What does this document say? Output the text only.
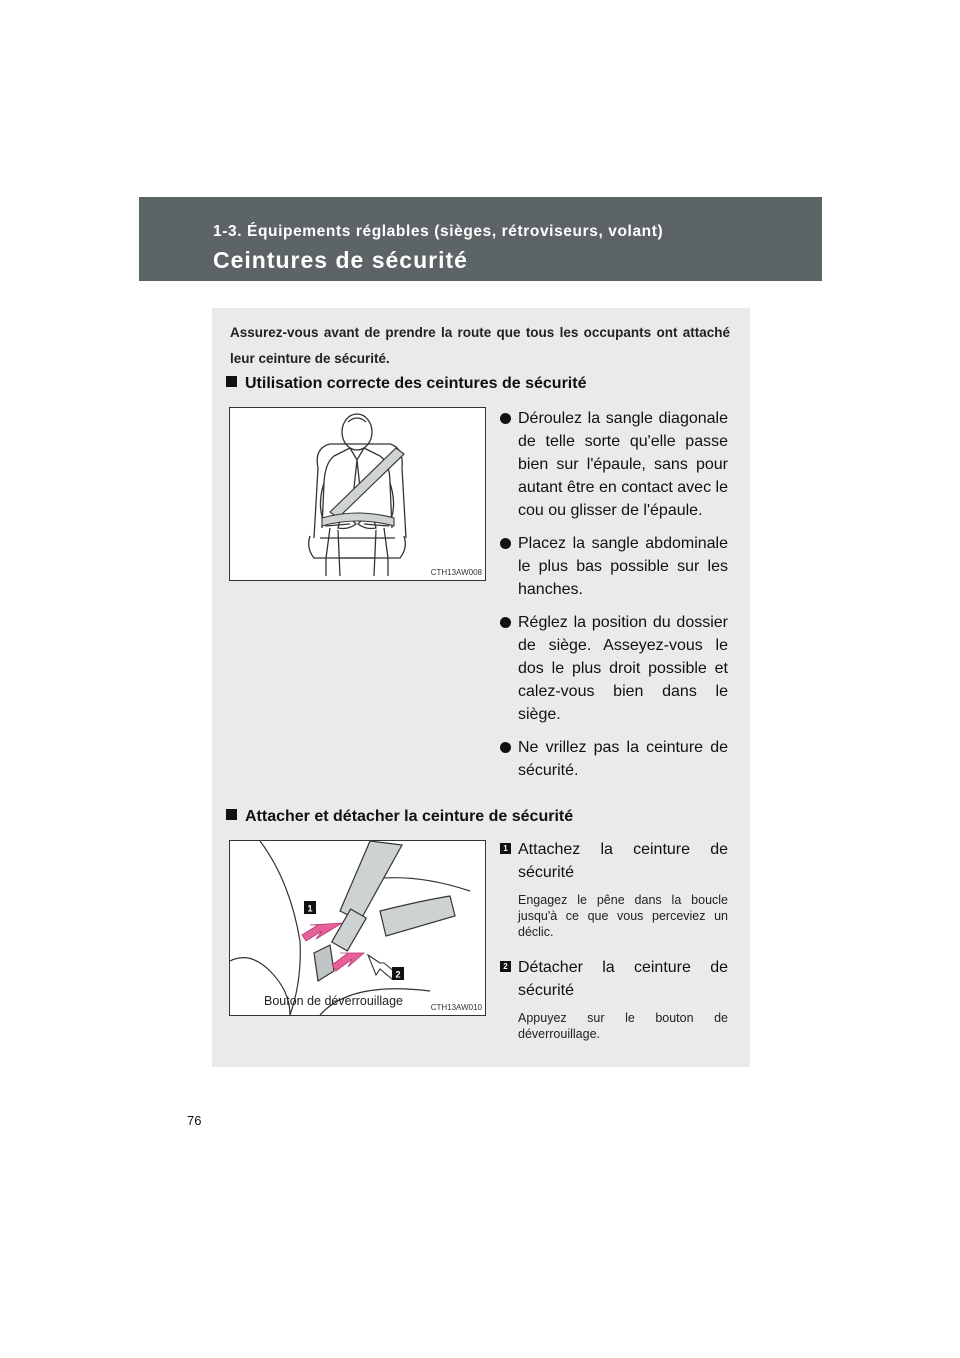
1-3. Équipements réglables (sièges, rétroviseurs, volant)
Ceintures de sécurité
Assurez-vous avant de prendre la route que tous les occupants ont attaché leur ceinture de sécurité.
Utilisation correcte des ceintures de sécurité
CTH13AW008
Déroulez la sangle diagonale de telle sorte qu'elle passe bien sur l'épaule, sans pour autant être en contact avec le cou ou glisser de l'épaule.
Placez la sangle abdominale le plus bas possible sur les hanches.
Réglez la position du dossier de siège. Asseyez-vous le dos le plus droit possible et calez-vous bien dans le siège.
Ne vrillez pas la ceinture de sécurité.
Attacher et détacher la ceinture de sécurité
1
2
Bouton de déverrouillage	CTH13AW010
1 Attachez la ceinture de sécurité
Engagez le pêne dans la boucle jusqu'à ce que vous perceviez un déclic.
2 Détacher la ceinture de sécurité
Appuyez sur le bouton de déverrouillage.
76
